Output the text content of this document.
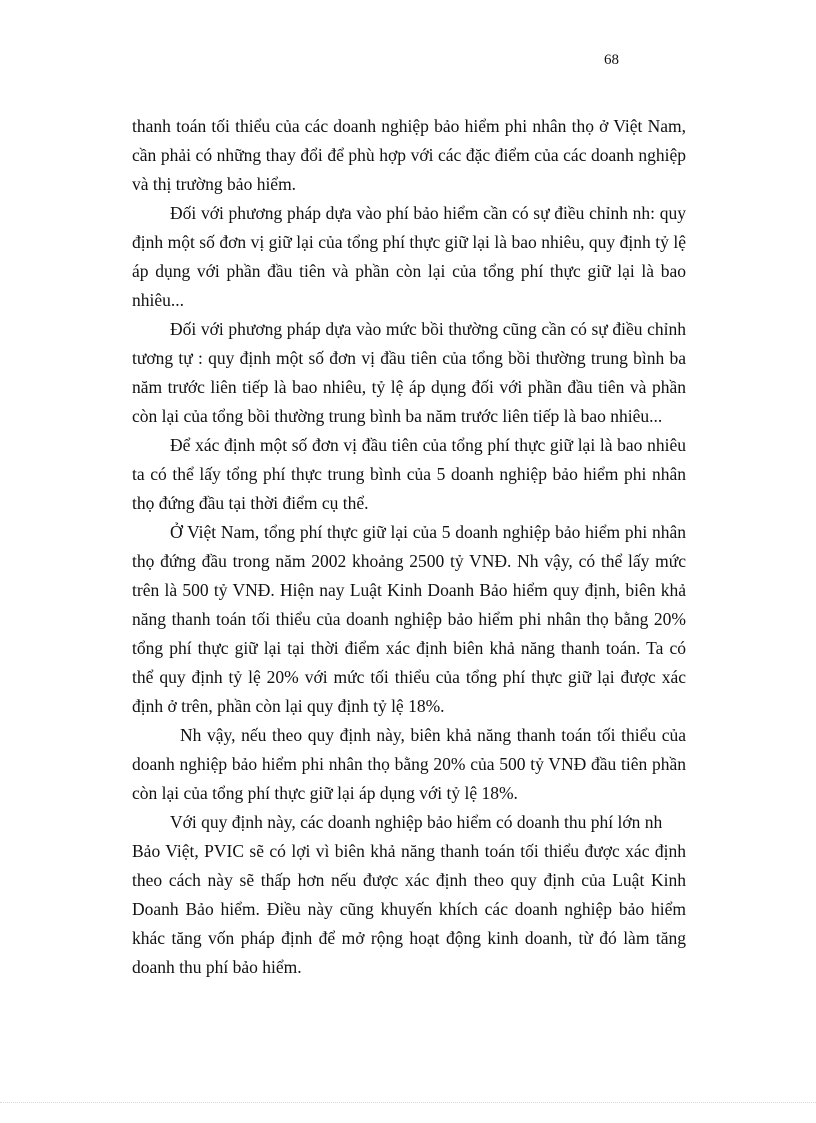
68
thanh toán tối thiểu của các doanh nghiệp bảo hiểm phi nhân thọ ở Việt Nam,
cần phải có những thay đổi để phù hợp với các đặc điểm của các doanh nghiệp
và thị trường bảo hiểm.
Đối với phương pháp dựa vào phí bảo hiểm cần có sự điều chỉnh nh: quy
định một số đơn vị giữ lại của tổng phí thực giữ lại là bao nhiêu, quy định tỷ lệ
áp dụng với phần đầu tiên và phần còn lại của tổng phí thực giữ lại là bao
nhiêu...
Đối với phương pháp dựa vào mức bồi thường cũng cần có sự điều chỉnh
tương tự : quy định một số đơn vị đầu tiên của tổng bồi thường trung bình ba
năm trước liên tiếp là bao nhiêu, tỷ lệ áp dụng đối với phần đầu tiên và phần
còn lại của tổng bồi thường trung bình ba năm trước liên tiếp là bao nhiêu...
Để xác định một số đơn vị đầu tiên của tổng phí thực giữ lại là bao nhiêu
ta có thể lấy tổng phí thực trung bình của 5 doanh nghiệp bảo hiểm phi nhân
thọ đứng đầu tại thời điểm cụ thể.
Ở Việt Nam, tổng phí thực giữ lại của 5 doanh nghiệp bảo hiểm phi nhân
thọ đứng đầu trong năm 2002 khoảng 2500 tỷ VNĐ. Nh vậy, có thể lấy mức
trên là 500 tỷ VNĐ. Hiện nay Luật Kinh Doanh Bảo hiểm quy định, biên khả
năng thanh toán tối thiểu của doanh nghiệp bảo hiểm phi nhân thọ bằng 20%
tổng phí thực giữ lại tại thời điểm xác định biên khả năng thanh toán. Ta có
thể quy định tỷ lệ 20% với mức tối thiểu của tổng phí thực giữ lại được xác
định ở trên, phần còn lại quy định tỷ lệ 18%.
Nh vậy, nếu theo quy định này, biên khả năng thanh toán tối thiểu của
doanh nghiệp bảo hiểm phi nhân thọ bằng 20% của 500 tỷ VNĐ đầu tiên phần
còn lại của tổng phí thực giữ lại áp dụng với tỷ lệ 18%.
Với quy định này, các doanh nghiệp bảo hiểm có doanh thu phí lớn nh
Bảo Việt, PVIC sẽ có lợi vì biên khả năng thanh toán tối thiểu được xác định
theo cách này sẽ thấp hơn nếu được xác định theo quy định của Luật Kinh
Doanh Bảo hiểm. Điều này cũng khuyến khích các doanh nghiệp bảo hiểm
khác tăng vốn pháp định để mở rộng hoạt động kinh doanh, từ đó làm tăng
doanh thu phí bảo hiểm.
